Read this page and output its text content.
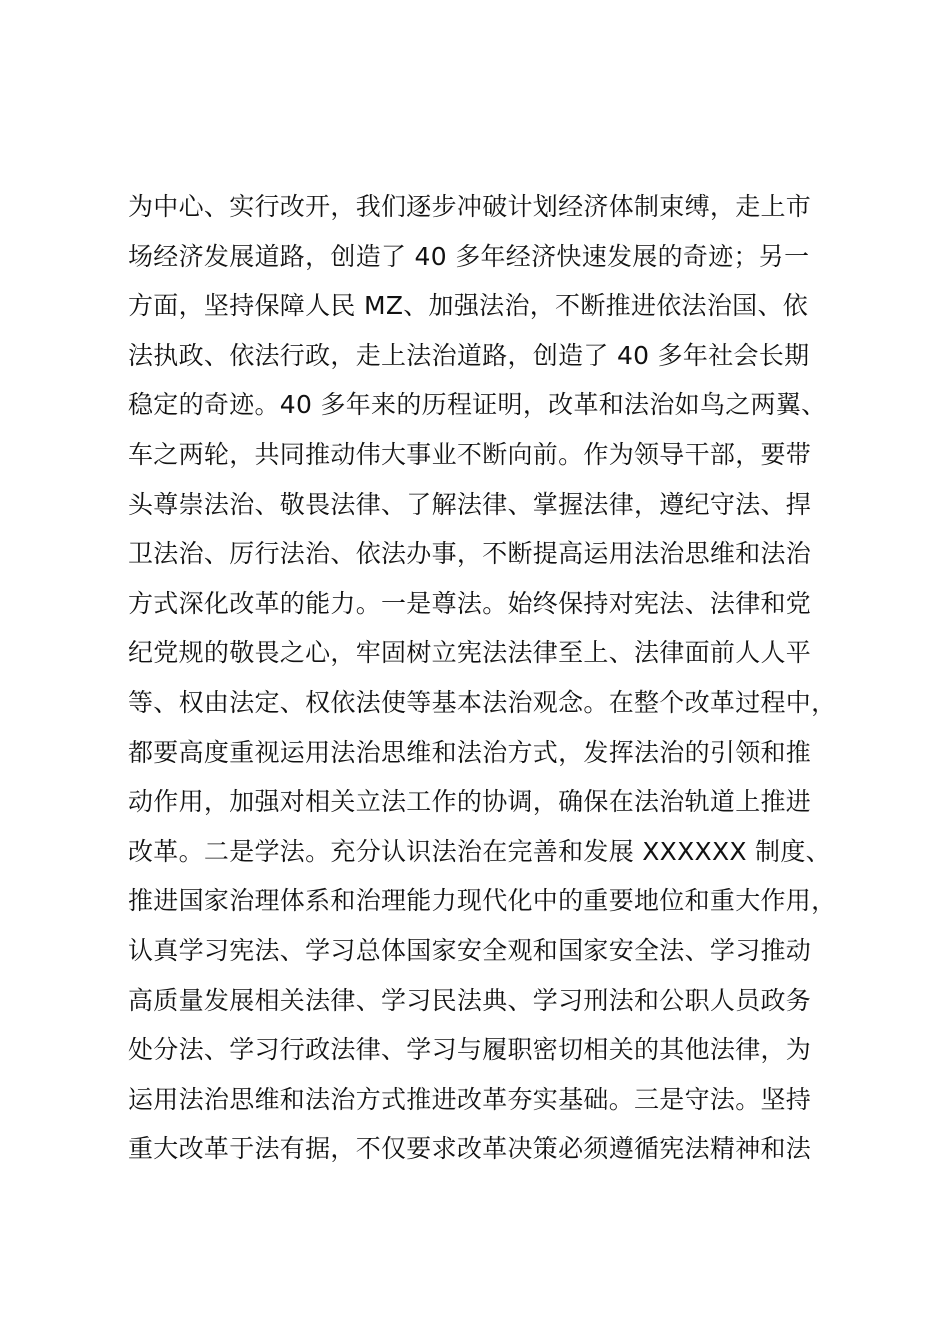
为中心、实行改开，我们逐步冲破计划经济体制束缚，走上市
场经济发展道路，创造了 40 多年经济快速发展的奇迹；另一
方面，坚持保障人民 MZ、加强法治，不断推进依法治国、依
法执政、依法行政，走上法治道路，创造了 40 多年社会长期
稳定的奇迹。40 多年来的历程证明，改革和法治如鸟之两翼、
车之两轮，共同推动伟大事业不断向前。作为领导干部，要带
头尊崇法治、敬畏法律、了解法律、掌握法律，遵纪守法、捍
卫法治、厉行法治、依法办事，不断提高运用法治思维和法治
方式深化改革的能力。一是尊法。始终保持对宪法、法律和党
纪党规的敬畏之心，牢固树立宪法法律至上、法律面前人人平
等、权由法定、权依法使等基本法治观念。在整个改革过程中，
都要高度重视运用法治思维和法治方式，发挥法治的引领和推
动作用，加强对相关立法工作的协调，确保在法治轨道上推进
改革。二是学法。充分认识法治在完善和发展 XXXXXX 制度、
推进国家治理体系和治理能力现代化中的重要地位和重大作用，
认真学习宪法、学习总体国家安全观和国家安全法、学习推动
高质量发展相关法律、学习民法典、学习刑法和公职人员政务
处分法、学习行政法律、学习与履职密切相关的其他法律，为
运用法治思维和法治方式推进改革夯实基础。三是守法。坚持
重大改革于法有据，不仅要求改革决策必须遵循宪法精神和法
